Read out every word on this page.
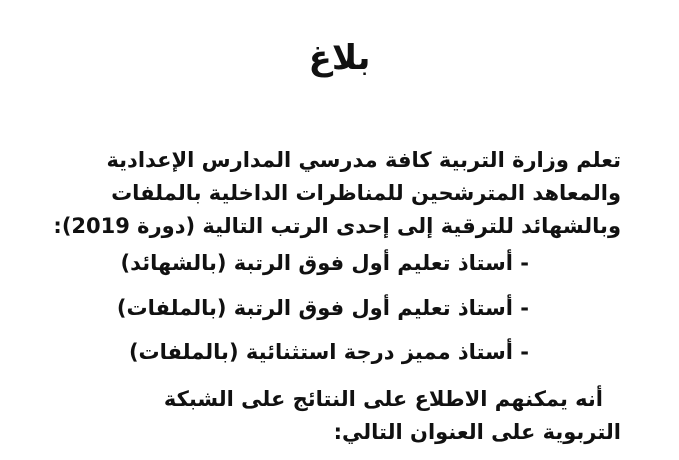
بلاغ
تعلم وزارة التربية كافة مدرسي المدارس الإعدادية
والمعاهد المترشحين للمناظرات الداخلية بالملفات
وبالشهائد للترقية إلى إحدى الرتب التالية (دورة 2019):
- أستاذ تعليم أول فوق الرتبة (بالشهائد)
- أستاذ تعليم أول فوق الرتبة (بالملفات)
- أستاذ مميز درجة استثنائية (بالملفات)
أنه يمكنهم الاطلاع على النتائج على الشبكة
التربوية على العنوان التالي:
